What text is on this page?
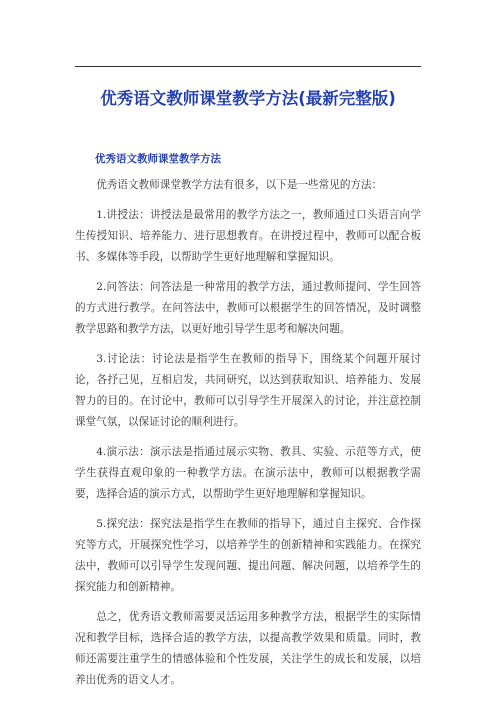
优秀语文教师课堂教学方法(最新完整版)
优秀语文教师课堂教学方法

优秀语文教师课堂教学方法有很多，以下是一些常见的方法：

1.讲授法：讲授法是最常用的教学方法之一，教师通过口头语言向学生传授知识、培养能力、进行思想教育。在讲授过程中，教师可以配合板书、多媒体等手段，以帮助学生更好地理解和掌握知识。

2.问答法：问答法是一种常用的教学方法，通过教师提问、学生回答的方式进行教学。在问答法中，教师可以根据学生的回答情况，及时调整教学思路和教学方法，以更好地引导学生思考和解决问题。

3.讨论法：讨论法是指学生在教师的指导下，围绕某个问题开展讨论，各抒己见，互相启发，共同研究，以达到获取知识、培养能力、发展智力的目的。在讨论中，教师可以引导学生开展深入的讨论，并注意控制课堂气氛，以保证讨论的顺利进行。

4.演示法：演示法是指通过展示实物、教具、实验、示范等方式，使学生获得直观印象的一种教学方法。在演示法中，教师可以根据教学需要，选择合适的演示方式，以帮助学生更好地理解和掌握知识。

5.探究法：探究法是指学生在教师的指导下，通过自主探究、合作探究等方式，开展探究性学习，以培养学生的创新精神和实践能力。在探究法中，教师可以引导学生发现问题、提出问题、解决问题，以培养学生的探究能力和创新精神。

总之，优秀语文教师需要灵活运用多种教学方法，根据学生的实际情况和教学目标，选择合适的教学方法，以提高教学效果和质量。同时，教师还需要注重学生的情感体验和个性发展，关注学生的成长和发展，以培养出优秀的语文人才。
